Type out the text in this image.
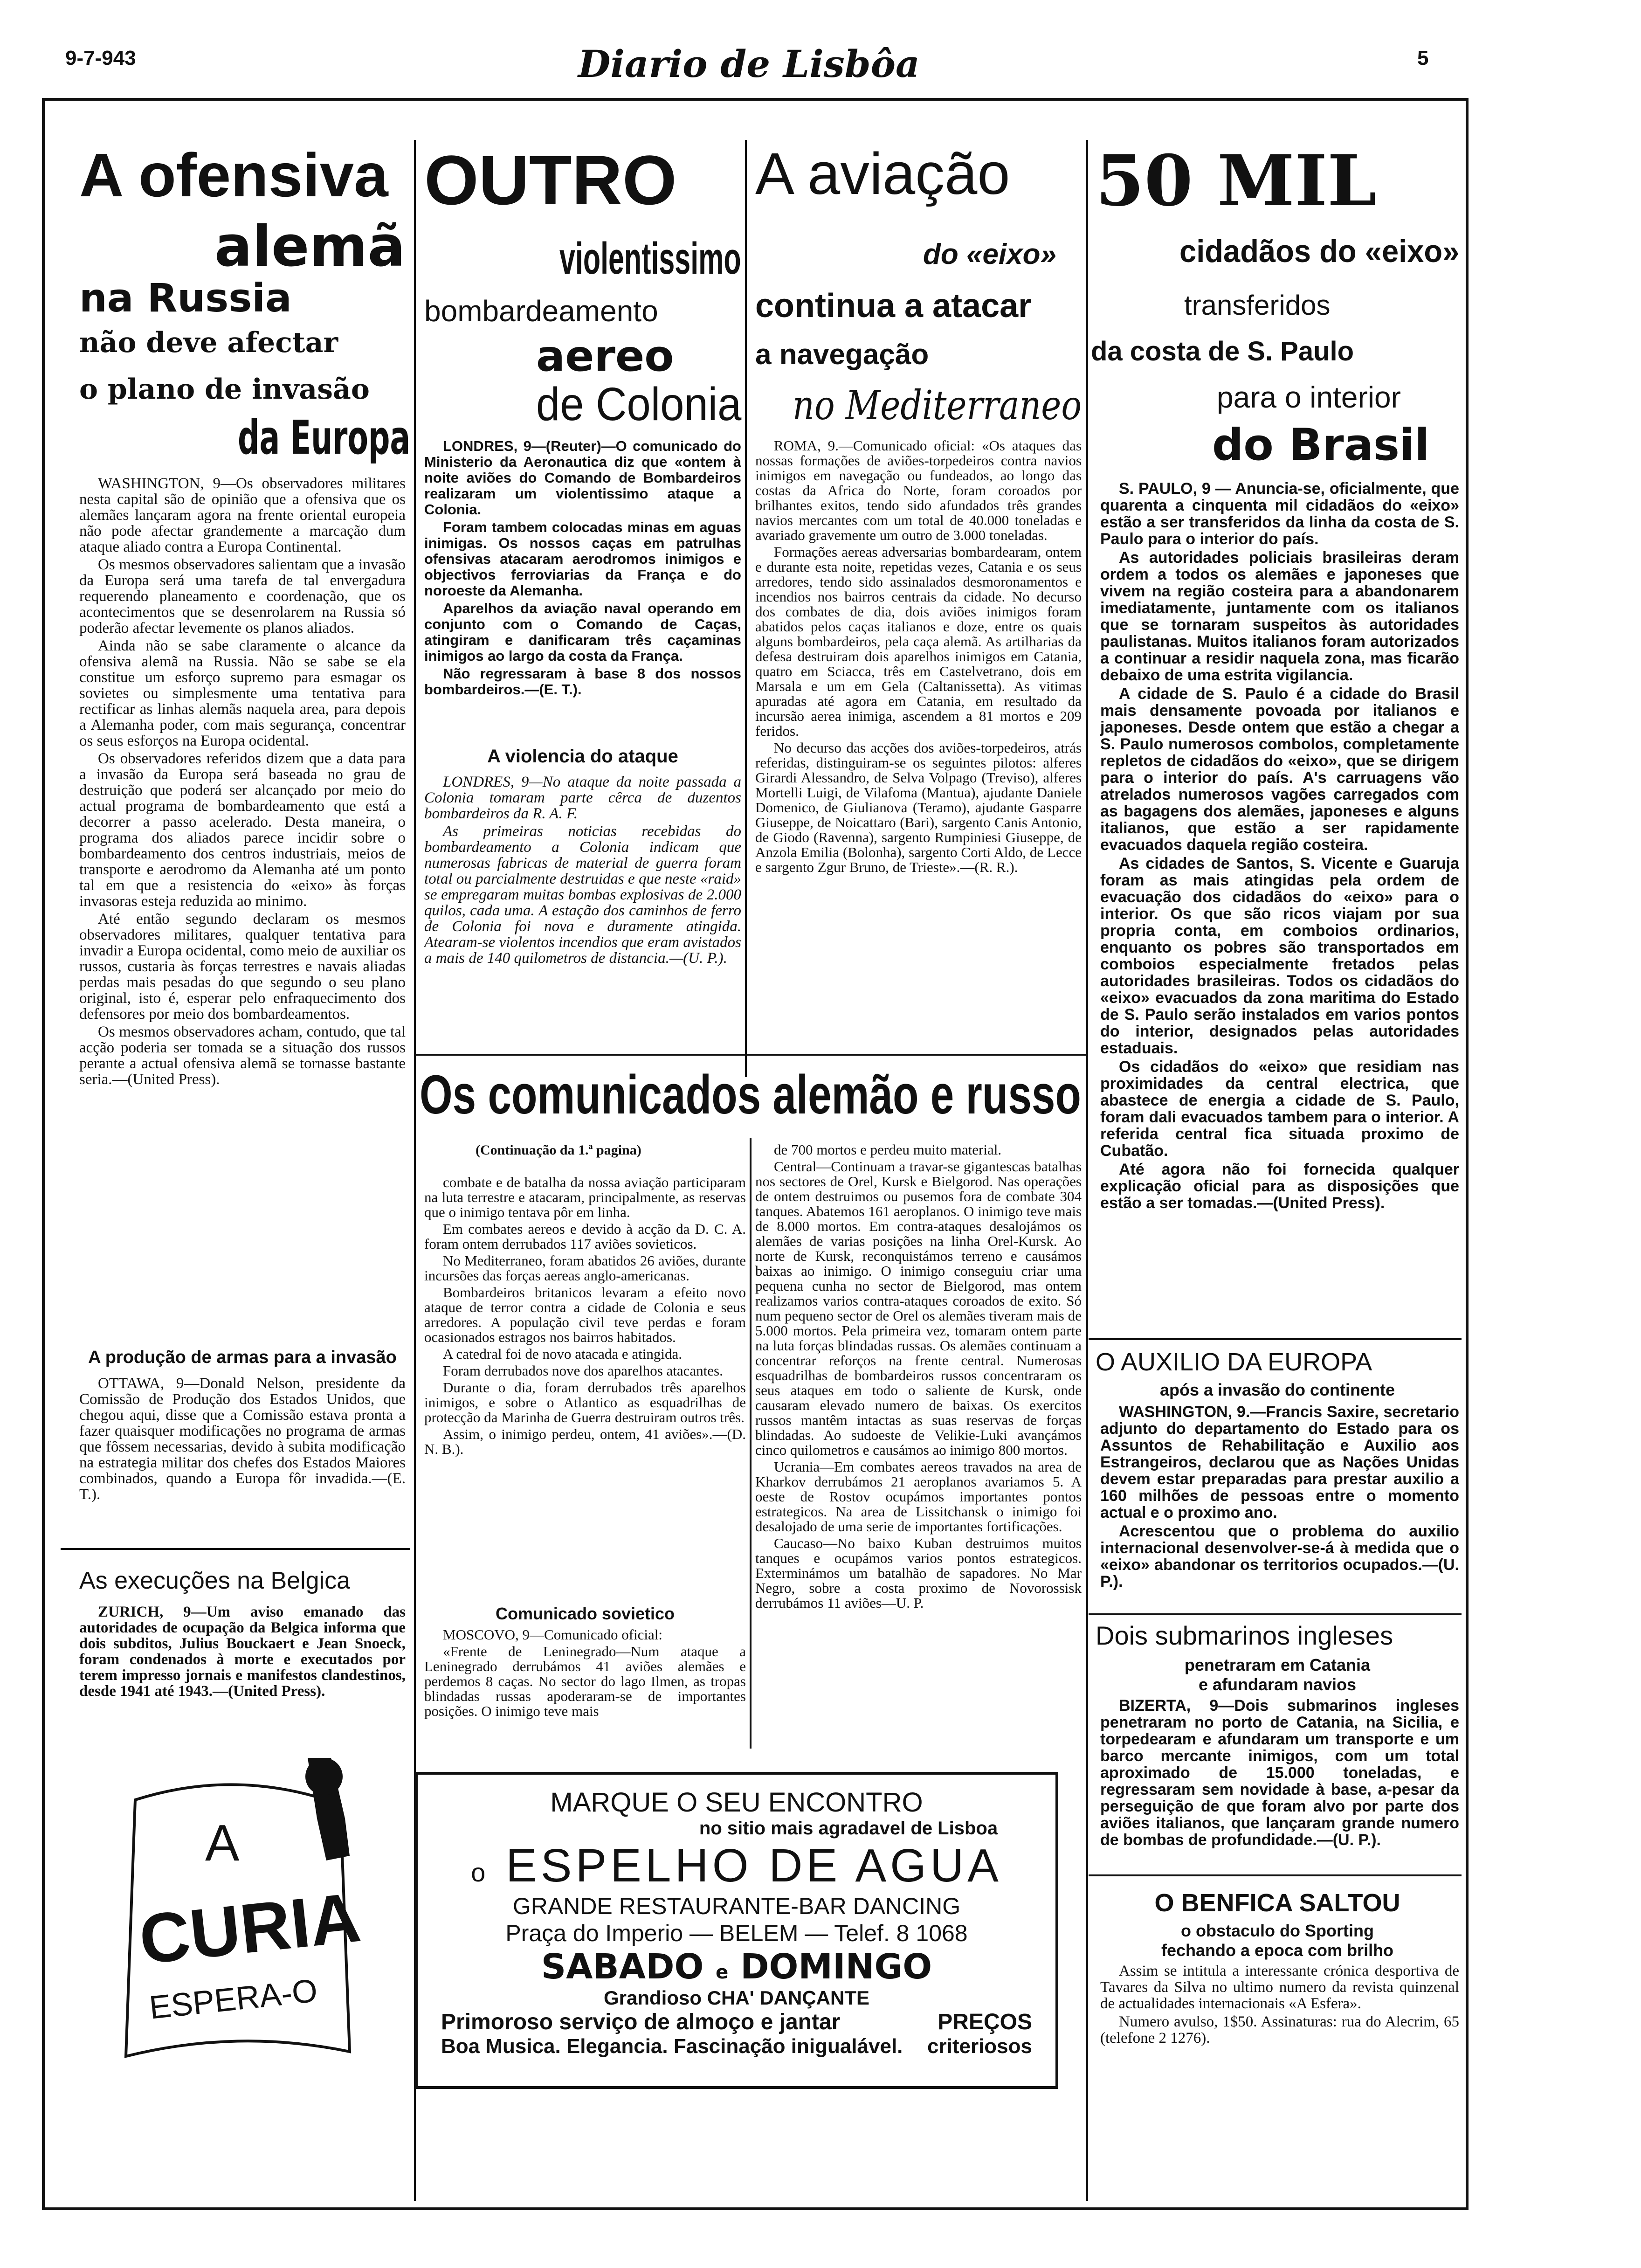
9-7-943	Diario de Lisbôa	5
A ofensiva
alemã
na Russia
não deve afectar
o plano de invasão
da Europa

WASHINGTON, 9—Os observadores militares nesta capital são de opinião que a ofensiva que os alemães lançaram agora na frente oriental europeia não pode afectar grandemente a marcação dum ataque aliado contra a Europa Continental.

Os mesmos observadores salientam que a invasão da Europa será uma tarefa de tal envergadura requerendo planeamento e coordenação, que os acontecimentos que se desenrolarem na Russia só poderão afectar levemente os planos aliados.

Ainda não se sabe claramente o alcance da ofensiva alemã na Russia. Não se sabe se ela constitue um esforço supremo para esmagar os sovietes ou simplesmente uma tentativa para rectificar as linhas alemãs naquela area, para depois a Alemanha poder, com mais segurança, concentrar os seus esforços na Europa ocidental.

Os observadores referidos dizem que a data para a invasão da Europa será baseada no grau de destruição que poderá ser alcançado por meio do actual programa de bombardeamento que está a decorrer a passo acelerado. Desta maneira, o programa dos aliados parece incidir sobre o bombardeamento dos centros industriais, meios de transporte e aerodromo da Alemanha até um ponto tal em que a resistencia do «eixo» às forças invasoras esteja reduzida ao minimo.

Até então segundo declaram os mesmos observadores militares, qualquer tentativa para invadir a Europa ocidental, como meio de auxiliar os russos, custaria às forças terrestres e navais aliadas perdas mais pesadas do que segundo o seu plano original, isto é, esperar pelo enfraquecimento dos defensores por meio dos bombardeamentos.

Os mesmos observadores acham, contudo, que tal acção poderia ser tomada se a situação dos russos perante a actual ofensiva alemã se tornasse bastante seria.—(United Press).

A produção de armas para a invasão

OTTAWA, 9—Donald Nelson, presidente da Comissão de Produção dos Estados Unidos, que chegou aqui, disse que a Comissão estava pronta a fazer quaisquer modificações no programa de armas que fôssem necessarias, devido à subita modificação na estrategia militar dos chefes dos Estados Maiores combinados, quando a Europa fôr invadida.—(E. T.).

As execuções na Belgica

ZURICH, 9—Um aviso emanado das autoridades de ocupação da Belgica informa que dois subditos, Julius Bouckaert e Jean Snoeck, foram condenados à morte e executados por terem impresso jornais e manifestos clandestinos, desde 1941 até 1943.—(United Press).

A
CURIA
ESPERA-O
OUTRO
violentissimo
bombardeamento
aereo
de Colonia

LONDRES, 9—(Reuter)—O comunicado do Ministerio da Aeronautica diz que «ontem à noite aviões do Comando de Bombardeiros realizaram um violentissimo ataque a Colonia.

Foram tambem colocadas minas em aguas inimigas. Os nossos caças em patrulhas ofensivas atacaram aerodromos inimigos e objectivos ferroviarias da França e do noroeste da Alemanha.

Aparelhos da aviação naval operando em conjunto com o Comando de Caças, atingiram e danificaram três caçaminas inimigos ao largo da costa da França.

Não regressaram à base 8 dos nossos bombardeiros.—(E. T.).

A violencia do ataque

LONDRES, 9—No ataque da noite passada a Colonia tomaram parte cêrca de duzentos bombardeiros da R. A. F.

As primeiras noticias recebidas do bombardeamento a Colonia indicam que numerosas fabricas de material de guerra foram total ou parcialmente destruidas e que neste «raid» se empregaram muitas bombas explosivas de 2.000 quilos, cada uma. A estação dos caminhos de ferro de Colonia foi nova e duramente atingida. Atearam-se violentos incendios que eram avistados a mais de 140 quilometros de distancia.—(U. P.).

A aviação
do «eixo»
continua a atacar
a navegação
no Mediterraneo

ROMA, 9.—Comunicado oficial: «Os ataques das nossas formações de aviões-torpedeiros contra navios inimigos em navegação ou fundeados, ao longo das costas da Africa do Norte, foram coroados por brilhantes exitos, tendo sido afundados três grandes navios mercantes com um total de 40.000 toneladas e avariado gravemente um outro de 3.000 toneladas.

Formações aereas adversarias bombardearam, ontem e durante esta noite, repetidas vezes, Catania e os seus arredores, tendo sido assinalados desmoronamentos e incendios nos bairros centrais da cidade. No decurso dos combates de dia, dois aviões inimigos foram abatidos pelos caças italianos e doze, entre os quais alguns bombardeiros, pela caça alemã. As artilharias da defesa destruiram dois aparelhos inimigos em Catania, quatro em Sciacca, três em Castelvetrano, dois em Marsala e um em Gela (Caltanissetta). As vitimas apuradas até agora em Catania, em resultado da incursão aerea inimiga, ascendem a 81 mortos e 209 feridos.

No decurso das acções dos aviões-torpedeiros, atrás referidas, distinguiram-se os seguintes pilotos: alferes Girardi Alessandro, de Selva Volpago (Treviso), alferes Mortelli Luigi, de Vilafoma (Mantua), ajudante Daniele Domenico, de Giulianova (Teramo), ajudante Gasparre Giuseppe, de Noicattaro (Bari), sargento Canis Antonio, de Giodo (Ravenna), sargento Rumpiniesi Giuseppe, de Anzola Emilia (Bolonha), sargento Corti Aldo, de Lecce e sargento Zgur Bruno, de Trieste».—(R. R.).

Os comunicados alemão e russo
(Continuação da 1.ª pagina)

combate e de batalha da nossa aviação participaram na luta terrestre e atacaram, principalmente, as reservas que o inimigo tentava pôr em linha.

Em combates aereos e devido à acção da D. C. A. foram ontem derrubados 117 aviões sovieticos.

No Mediterraneo, foram abatidos 26 aviões, durante incursões das forças aereas anglo-americanas.

Bombardeiros britanicos levaram a efeito novo ataque de terror contra a cidade de Colonia e seus arredores. A população civil teve perdas e foram ocasionados estragos nos bairros habitados.

A catedral foi de novo atacada e atingida.

Foram derrubados nove dos aparelhos atacantes.

Durante o dia, foram derrubados três aparelhos inimigos, e sobre o Atlantico as esquadrilhas de protecção da Marinha de Guerra destruiram outros três.

Assim, o inimigo perdeu, ontem, 41 aviões».—(D. N. B.).

Comunicado sovietico

MOSCOVO, 9—Comunicado oficial:

«Frente de Leninegrado—Num ataque a Leninegrado derrubámos 41 aviões alemães e perdemos 8 caças. No sector do lago Ilmen, as tropas blindadas russas apoderaram-se de importantes posições. O inimigo teve mais

de 700 mortos e perdeu muito material.

Central—Continuam a travar-se gigantescas batalhas nos sectores de Orel, Kursk e Bielgorod. Nas operações de ontem destruimos ou pusemos fora de combate 304 tanques. Abatemos 161 aeroplanos. O inimigo teve mais de 8.000 mortos. Em contra-ataques desalojámos os alemães de varias posições na linha Orel-Kursk. Ao norte de Kursk, reconquistámos terreno e causámos baixas ao inimigo. O inimigo conseguiu criar uma pequena cunha no sector de Bielgorod, mas ontem realizamos varios contra-ataques coroados de exito. Só num pequeno sector de Orel os alemães tiveram mais de 5.000 mortos. Pela primeira vez, tomaram ontem parte na luta forças blindadas russas. Os alemães continuam a concentrar reforços na frente central. Numerosas esquadrilhas de bombardeiros russos concentraram os seus ataques em todo o saliente de Kursk, onde causaram elevado numero de baixas. Os exercitos russos mantêm intactas as suas reservas de forças blindadas. Ao sudoeste de Velikie-Luki avançámos cinco quilometros e causámos ao inimigo 800 mortos.

Ucrania—Em combates aereos travados na area de Kharkov derrubámos 21 aeroplanos avariamos 5. A oeste de Rostov ocupámos importantes pontos estrategicos. Na area de Lissitchansk o inimigo foi desalojado de uma serie de importantes fortificações.

Caucaso—No baixo Kuban destruimos muitos tanques e ocupámos varios pontos estrategicos. Exterminámos um batalhão de sapadores. No Mar Negro, sobre a costa proximo de Novorossisk derrubámos 11 aviões—U. P.

MARQUE O SEU ENCONTRO
no sitio mais agradavel de Lisboa
o ESPELHO DE AGUA
GRANDE RESTAURANTE-BAR DANCING
Praça do Imperio — BELEM — Telef. 8 1068
SABADO e DOMINGO
Grandioso CHA' DANÇANTE
Primoroso serviço de almoço e jantar	PREÇOS
Boa Musica. Elegancia. Fascinação inigualável. criteriosos
50 MIL
cidadãos do «eixo»
transferidos
da costa de S. Paulo
para o interior
do Brasil

S. PAULO, 9 — Anuncia-se, oficialmente, que quarenta a cinquenta mil cidadãos do «eixo» estão a ser transferidos da linha da costa de S. Paulo para o interior do país.

As autoridades policiais brasileiras deram ordem a todos os alemães e japoneses que vivem na região costeira para a abandonarem imediatamente, juntamente com os italianos que se tornaram suspeitos às autoridades paulistanas. Muitos italianos foram autorizados a continuar a residir naquela zona, mas ficarão debaixo de uma estrita vigilancia.

A cidade de S. Paulo é a cidade do Brasil mais densamente povoada por italianos e japoneses. Desde ontem que estão a chegar a S. Paulo numerosos combolos, completamente repletos de cidadãos do «eixo», que se dirigem para o interior do país. A's carruagens vão atrelados numerosos vagões carregados com as bagagens dos alemães, japoneses e alguns italianos, que estão a ser rapidamente evacuados daquela região costeira.

As cidades de Santos, S. Vicente e Guaruja foram as mais atingidas pela ordem de evacuação dos cidadãos do «eixo» para o interior. Os que são ricos viajam por sua propria conta, em comboios ordinarios, enquanto os pobres são transportados em comboios especialmente fretados pelas autoridades brasileiras. Todos os cidadãos do «eixo» evacuados da zona maritima do Estado de S. Paulo serão instalados em varios pontos do interior, designados pelas autoridades estaduais.

Os cidadãos do «eixo» que residiam nas proximidades da central electrica, que abastece de energia a cidade de S. Paulo, foram dali evacuados tambem para o interior. A referida central fica situada proximo de Cubatão.

Até agora não foi fornecida qualquer explicação oficial para as disposições que estão a ser tomadas.—(United Press).

O AUXILIO DA EUROPA
após a invasão do continente

WASHINGTON, 9.—Francis Saxire, secretario adjunto do departamento do Estado para os Assuntos de Rehabilitação e Auxilio aos Estrangeiros, declarou que as Nações Unidas devem estar preparadas para prestar auxilio a 160 milhões de pessoas entre o momento actual e o proximo ano.

Acrescentou que o problema do auxilio internacional desenvolver-se-á à medida que o «eixo» abandonar os territorios ocupados.—(U. P.).

Dois submarinos ingleses
penetraram em Catania
e afundaram navios

BIZERTA, 9—Dois submarinos ingleses penetraram no porto de Catania, na Sicilia, e torpedearam e afundaram um transporte e um barco mercante inimigos, com um total aproximado de 15.000 toneladas, e regressaram sem novidade à base, a-pesar da perseguição de que foram alvo por parte dos aviões italianos, que lançaram grande numero de bombas de profundidade.—(U. P.).

O BENFICA SALTOU
o obstaculo do Sporting
fechando a epoca com brilho

Assim se intitula a interessante crónica desportiva de Tavares da Silva no ultimo numero da revista quinzenal de actualidades internacionais «A Esfera».

Numero avulso, 1$50. Assinaturas: rua do Alecrim, 65 (telefone 2 1276).
